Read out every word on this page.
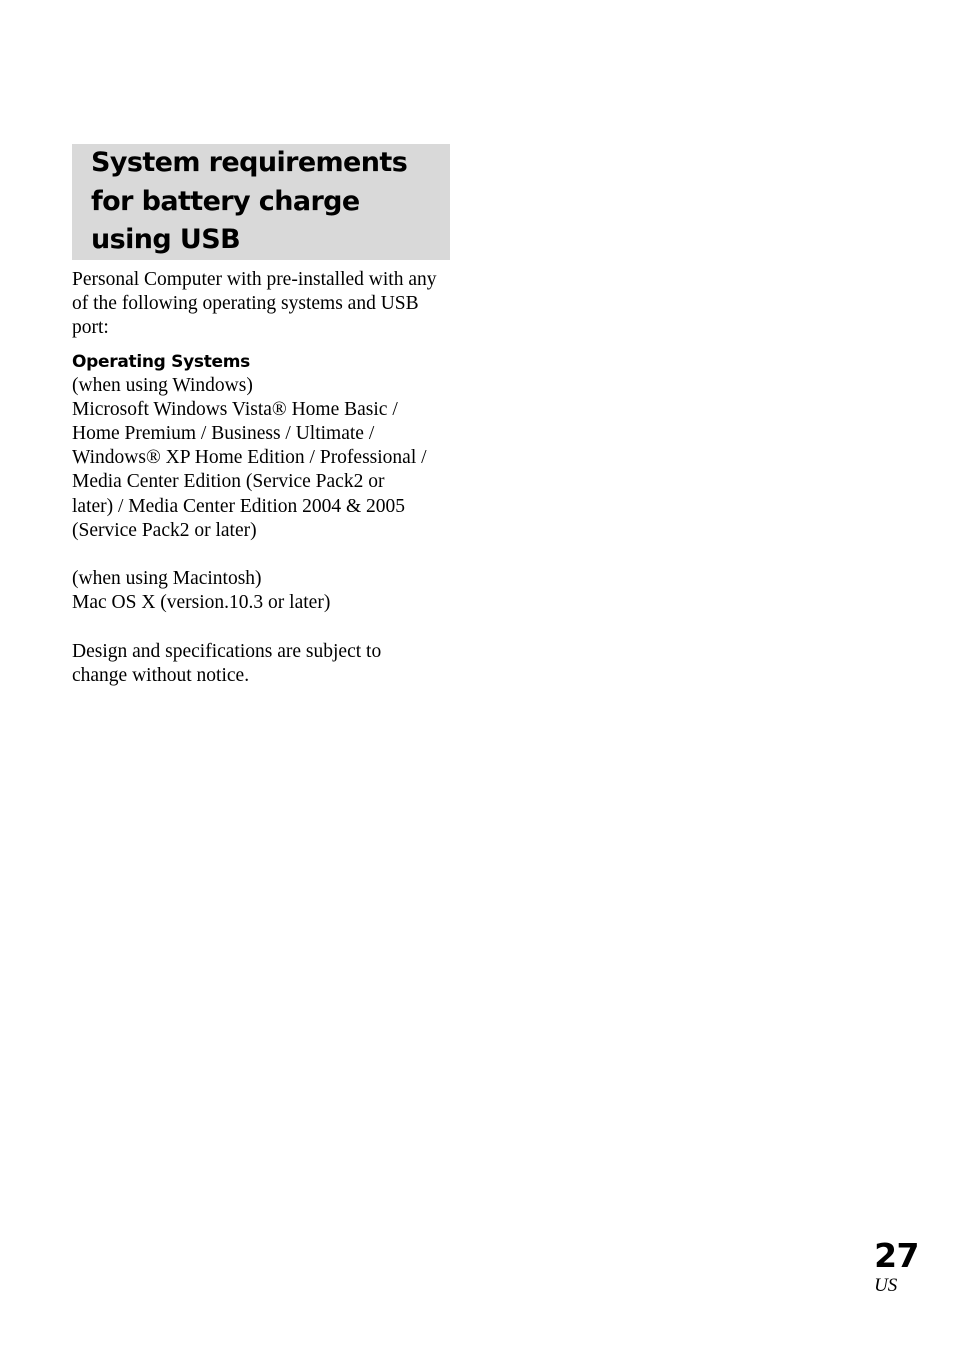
System requirements for battery charge using USB

Personal Computer with pre-installed with any of the following operating systems and USB port:

Operating Systems

(when using Windows)

Microsoft Windows Vista® Home Basic /

Home Premium / Business / Ultimate /

Windows® XP Home Edition / Professional /

Media Center Edition (Service Pack2 or

later) / Media Center Edition 2004 & 2005

(Service Pack2 or later)

(when using Macintosh)

Mac OS X (version.10.3 or later)

Design and specifications are subject to change without notice.

27
US
